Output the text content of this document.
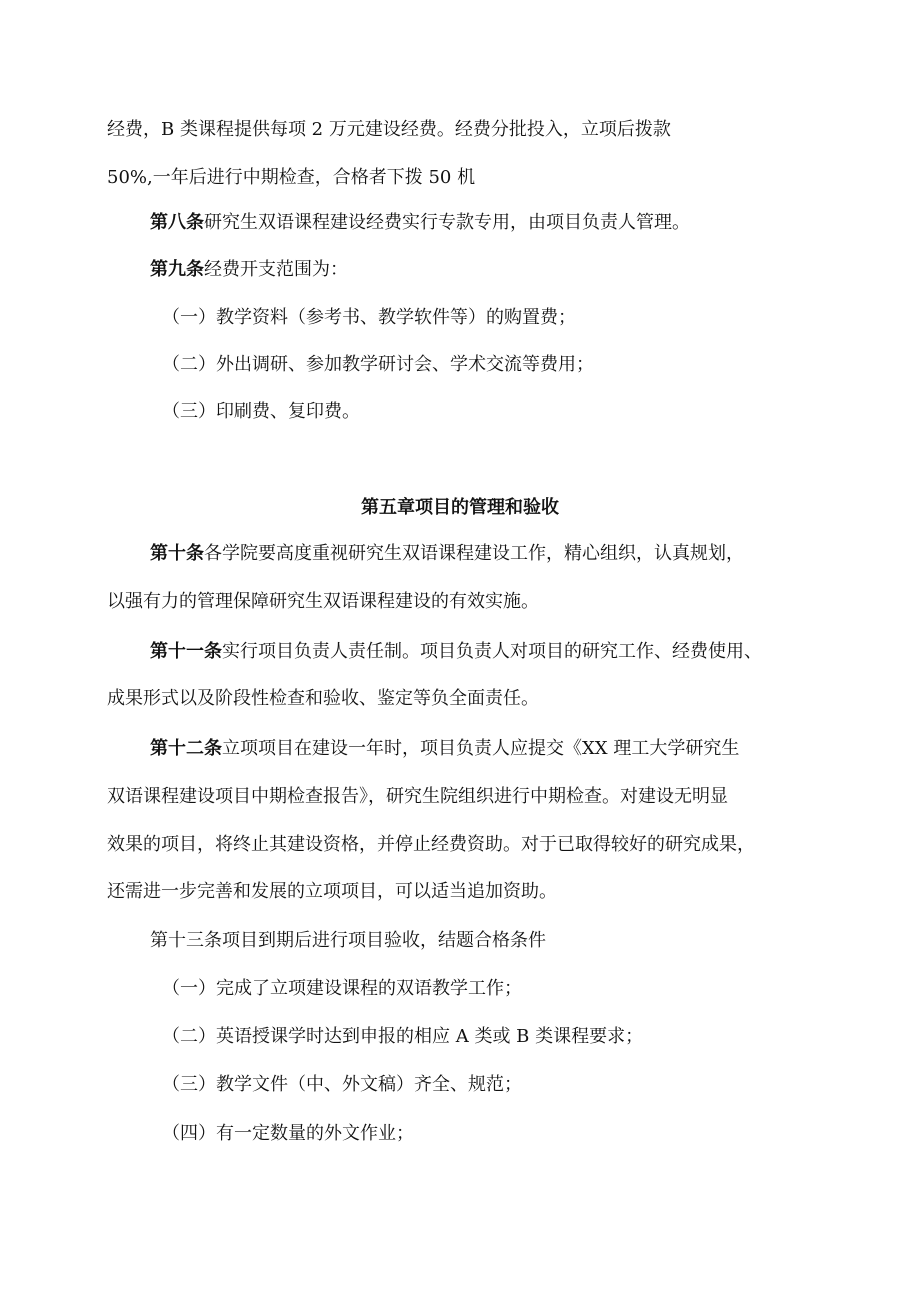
经费，B 类课程提供每项 2 万元建设经费。经费分批投入，立项后拨款
50%,一年后进行中期检查，合格者下拨 50 机
第八条研究生双语课程建设经费实行专款专用，由项目负责人管理。
第九条经费开支范围为：
（一）教学资料（参考书、教学软件等）的购置费；
（二）外出调研、参加教学研讨会、学术交流等费用；
（三）印刷费、复印费。
第五章项目的管理和验收
第十条各学院要高度重视研究生双语课程建设工作，精心组织，认真规划，
以强有力的管理保障研究生双语课程建设的有效实施。
第十一条实行项目负责人责任制。项目负责人对项目的研究工作、经费使用、
成果形式以及阶段性检查和验收、鉴定等负全面责任。
第十二条立项项目在建设一年时，项目负责人应提交《XX 理工大学研究生
双语课程建设项目中期检查报告》，研究生院组织进行中期检查。对建设无明显
效果的项目，将终止其建设资格，并停止经费资助。对于已取得较好的研究成果，
还需进一步完善和发展的立项项目，可以适当追加资助。
第十三条项目到期后进行项目验收，结题合格条件
（一）完成了立项建设课程的双语教学工作；
（二）英语授课学时达到申报的相应 A 类或 B 类课程要求；
（三）教学文件（中、外文稿）齐全、规范；
（四）有一定数量的外文作业；
